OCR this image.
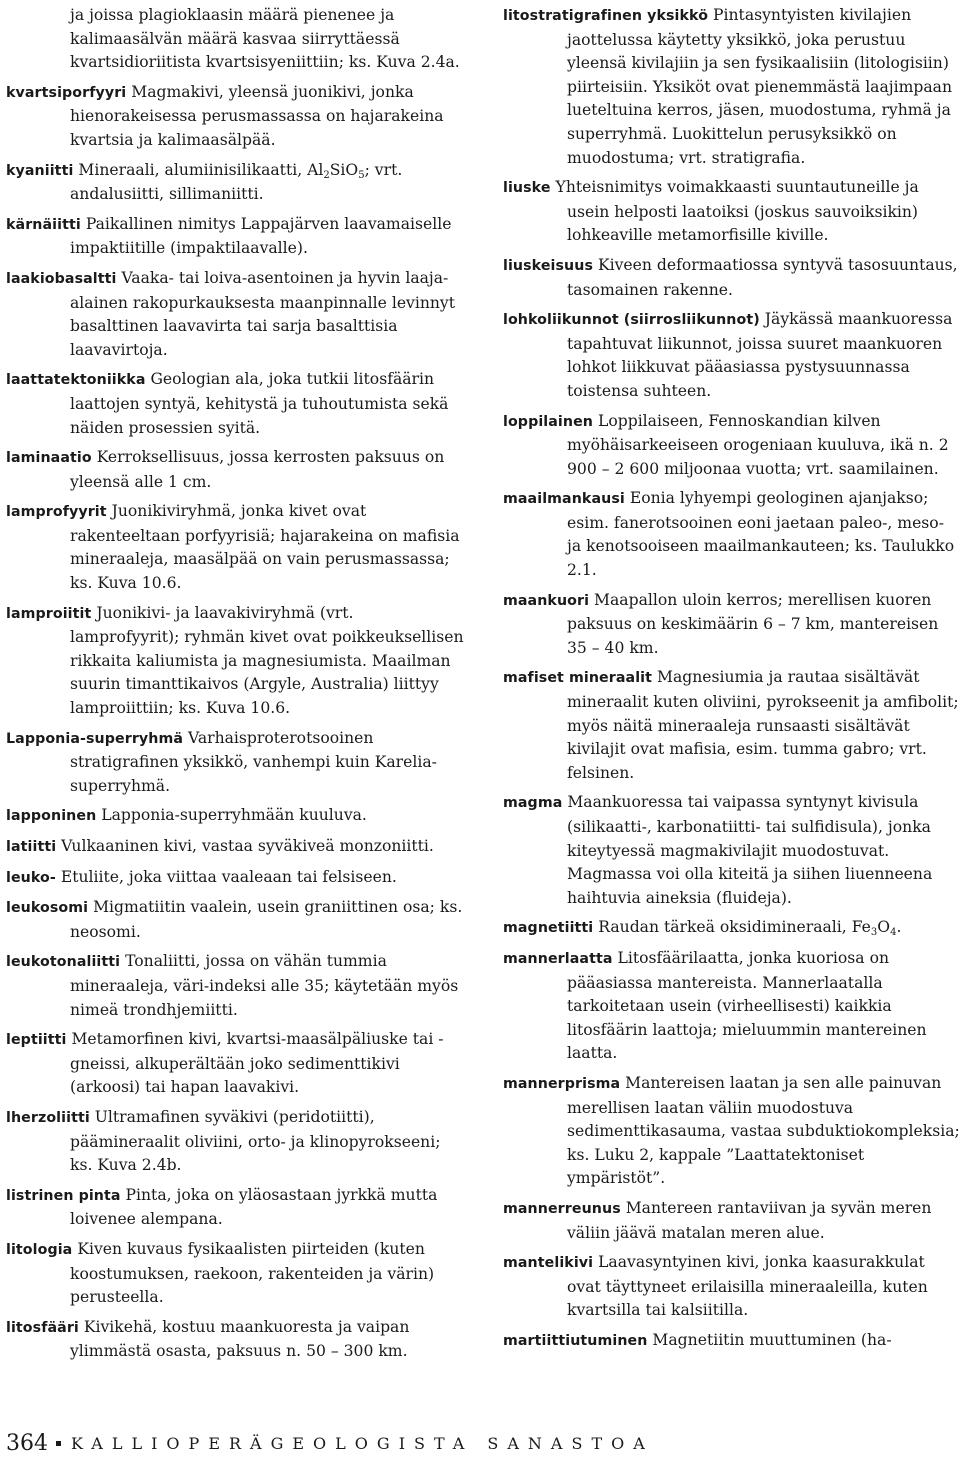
ja joissa plagioklaasin määrä pienenee ja kalimaasälvän määrä kasvaa siirryttäessä kvartsidioriitista kvartsisyeniittiin; ks. Kuva 2.4a.
kvartsiporfyyri Magmakivi, yleensä juonikivi, jonka hienorakeisessa perusmassassa on hajarakeina kvartsia ja kalimaasälpää.
kyaniitti Mineraali, alumiinisilikaatti, $Al_2SiO_5$; vrt. andalusiitti, sillimaniitti.
kärnäiitti Paikallinen nimitys Lappajärven laavamaiselle impaktiitille (impaktilaavalle).
laakiobasaltti Vaaka- tai loiva-asentoinen ja hyvin laaja-alainen rakopurkauksesta maanpinnalle levinnyt basalttinen laavavirta tai sarja basalttisia laavavirtoja.
laattatektoniikka Geologian ala, joka tutkii litosfäärin laattojen syntyä, kehitystä ja tuhoutumista sekä näiden prosessien syitä.
laminaatio Kerroksellisuus, jossa kerrosten paksuus on yleensä alle 1 cm.
lamprofyyrit Juonikiviryhmä, jonka kivet ovat rakenteeltaan porfyyrisiä; hajarakeina on mafisia mineraaleja, maasälpää on vain perusmassassa; ks. Kuva 10.6.
lamproiitit Juonikivi- ja laavakiviryhmä (vrt. lamprofyyrit); ryhmän kivet ovat poikkeuksellisen rikkaita kaliumista ja magnesiumista. Maailman suurin timanttikaivos (Argyle, Australia) liittyy lamproiittiin; ks. Kuva 10.6.
Lapponia-superryhmä Varhaisproterotsooinen stratigrafinen yksikkö, vanhempi kuin Karelia-superryhmä.
lapponinen Lapponia-superryhmään kuuluva.
latiitti Vulkaaninen kivi, vastaa syväkiveä monzoniitti.
leuko- Etuliite, joka viittaa vaaleaan tai felsiseen.
leukosomi Migmatiitin vaalein, usein graniittinen osa; ks. neosomi.
leukotonaliitti Tonaliitti, jossa on vähän tummia mineraaleja, väri-indeksi alle 35; käytetään myös nimeä trondhjemiitti.
leptiitti Metamorfinen kivi, kvartsi-maasälpäliuske tai -gneissi, alkuperältään joko sedimenttikivi (arkoosi) tai hapan laavakivi.
lherzoliitti Ultramafinen syväkivi (peridotiitti), päämineraalit oliviini, orto- ja klinopyrokseeni; ks. Kuva 2.4b.
listrinen pinta Pinta, joka on yläosastaan jyrkkä mutta loivenee alempana.
litologia Kiven kuvaus fysikaalisten piirteiden (kuten koostumuksen, raekoon, rakenteiden ja värin) perusteella.
litosfääri Kivikehä, kostuu maankuoresta ja vaipan ylimmästä osasta, paksuus n. 50 – 300 km.
litostratigrafinen yksikkö Pintasyntyisten kivilajien jaottelussa käytetty yksikkö, joka perustuu yleensä kivilajiin ja sen fysikaalisiin (litologisiin) piirteisiin. Yksiköt ovat pienemmästä laajimpaan lueteltuina kerros, jäsen, muodostuma, ryhmä ja superryhmä. Luokittelun perusyksikkö on muodostuma; vrt. stratigrafia.
liuske Yhteisnimitys voimakkaasti suuntautuneille ja usein helposti laatoiksi (joskus sauvoiksikin) lohkeaville metamorfisille kiville.
liuskeisuus Kiveen deformaatiossa syntyvä tasosuuntaus, tasomainen rakenne.
lohkoliikunnot (siirrosliikunnot) Jäykässä maankuoressa tapahtuvat liikunnot, joissa suuret maankuoren lohkot liikkuvat pääasiassa pystysuunnassa toistensa suhteen.
loppilainen Loppilaiseen, Fennoskandian kilven myöhäisarkeeiseen orogeniaan kuuluva, ikä n. 2 900 – 2 600 miljoonaa vuotta; vrt. saamilainen.
maailmankausi Eonia lyhyempi geologinen ajanjakso; esim. fanerotsooinen eoni jaetaan paleo-, meso- ja kenotsooiseen maailmankauteen; ks. Taulukko 2.1.
maankuori Maapallon uloin kerros; merellisen kuoren paksuus on keskimäärin 6 – 7 km, mantereisen 35 – 40 km.
mafiset mineraalit Magnesiumia ja rautaa sisältävät mineraalit kuten oliviini, pyrokseenit ja amfibolit; myös näitä mineraaleja runsaasti sisältävät kivilajit ovat mafisia, esim. tumma gabro; vrt. felsinen.
magma Maankuoressa tai vaipassa syntynyt kivisula (silikaatti-, karbonatiitti- tai sulfidisula), jonka kiteytyessä magmakivilajit muodostuvat. Magmassa voi olla kiteitä ja siihen liuenneena haihtuvia aineksia (fluideja).
magnetiitti Raudan tärkeä oksidimineraali, $Fe_3O_4$.
mannerlaatta Litosfäärilaatta, jonka kuoriosa on pääasiassa mantereista. Mannerlaatalla tarkoitetaan usein (virheellisesti) kaikkia litosfäärin laattoja; mieluummin mantereinen laatta.
mannerprisma Mantereisen laatan ja sen alle painuvan merellisen laatan väliin muodostuva sedimenttikasauma, vastaa subduktiokompleksia; ks. Luku 2, kappale ”Laattatektoniset ympäristöt”.
mannerreunus Mantereen rantaviivan ja syvän meren väliin jäävä matalan meren alue.
mantelikivi Laavasyntyinen kivi, jonka kaasurakkulat ovat täyttyneet erilaisilla mineraaleilla, kuten kvartsilla tai kalsiitilla.
martiittiutuminen Magnetiitin muuttuminen (ha-
364 KALLIOPERÄGEOLOGISTA SANASTOA
